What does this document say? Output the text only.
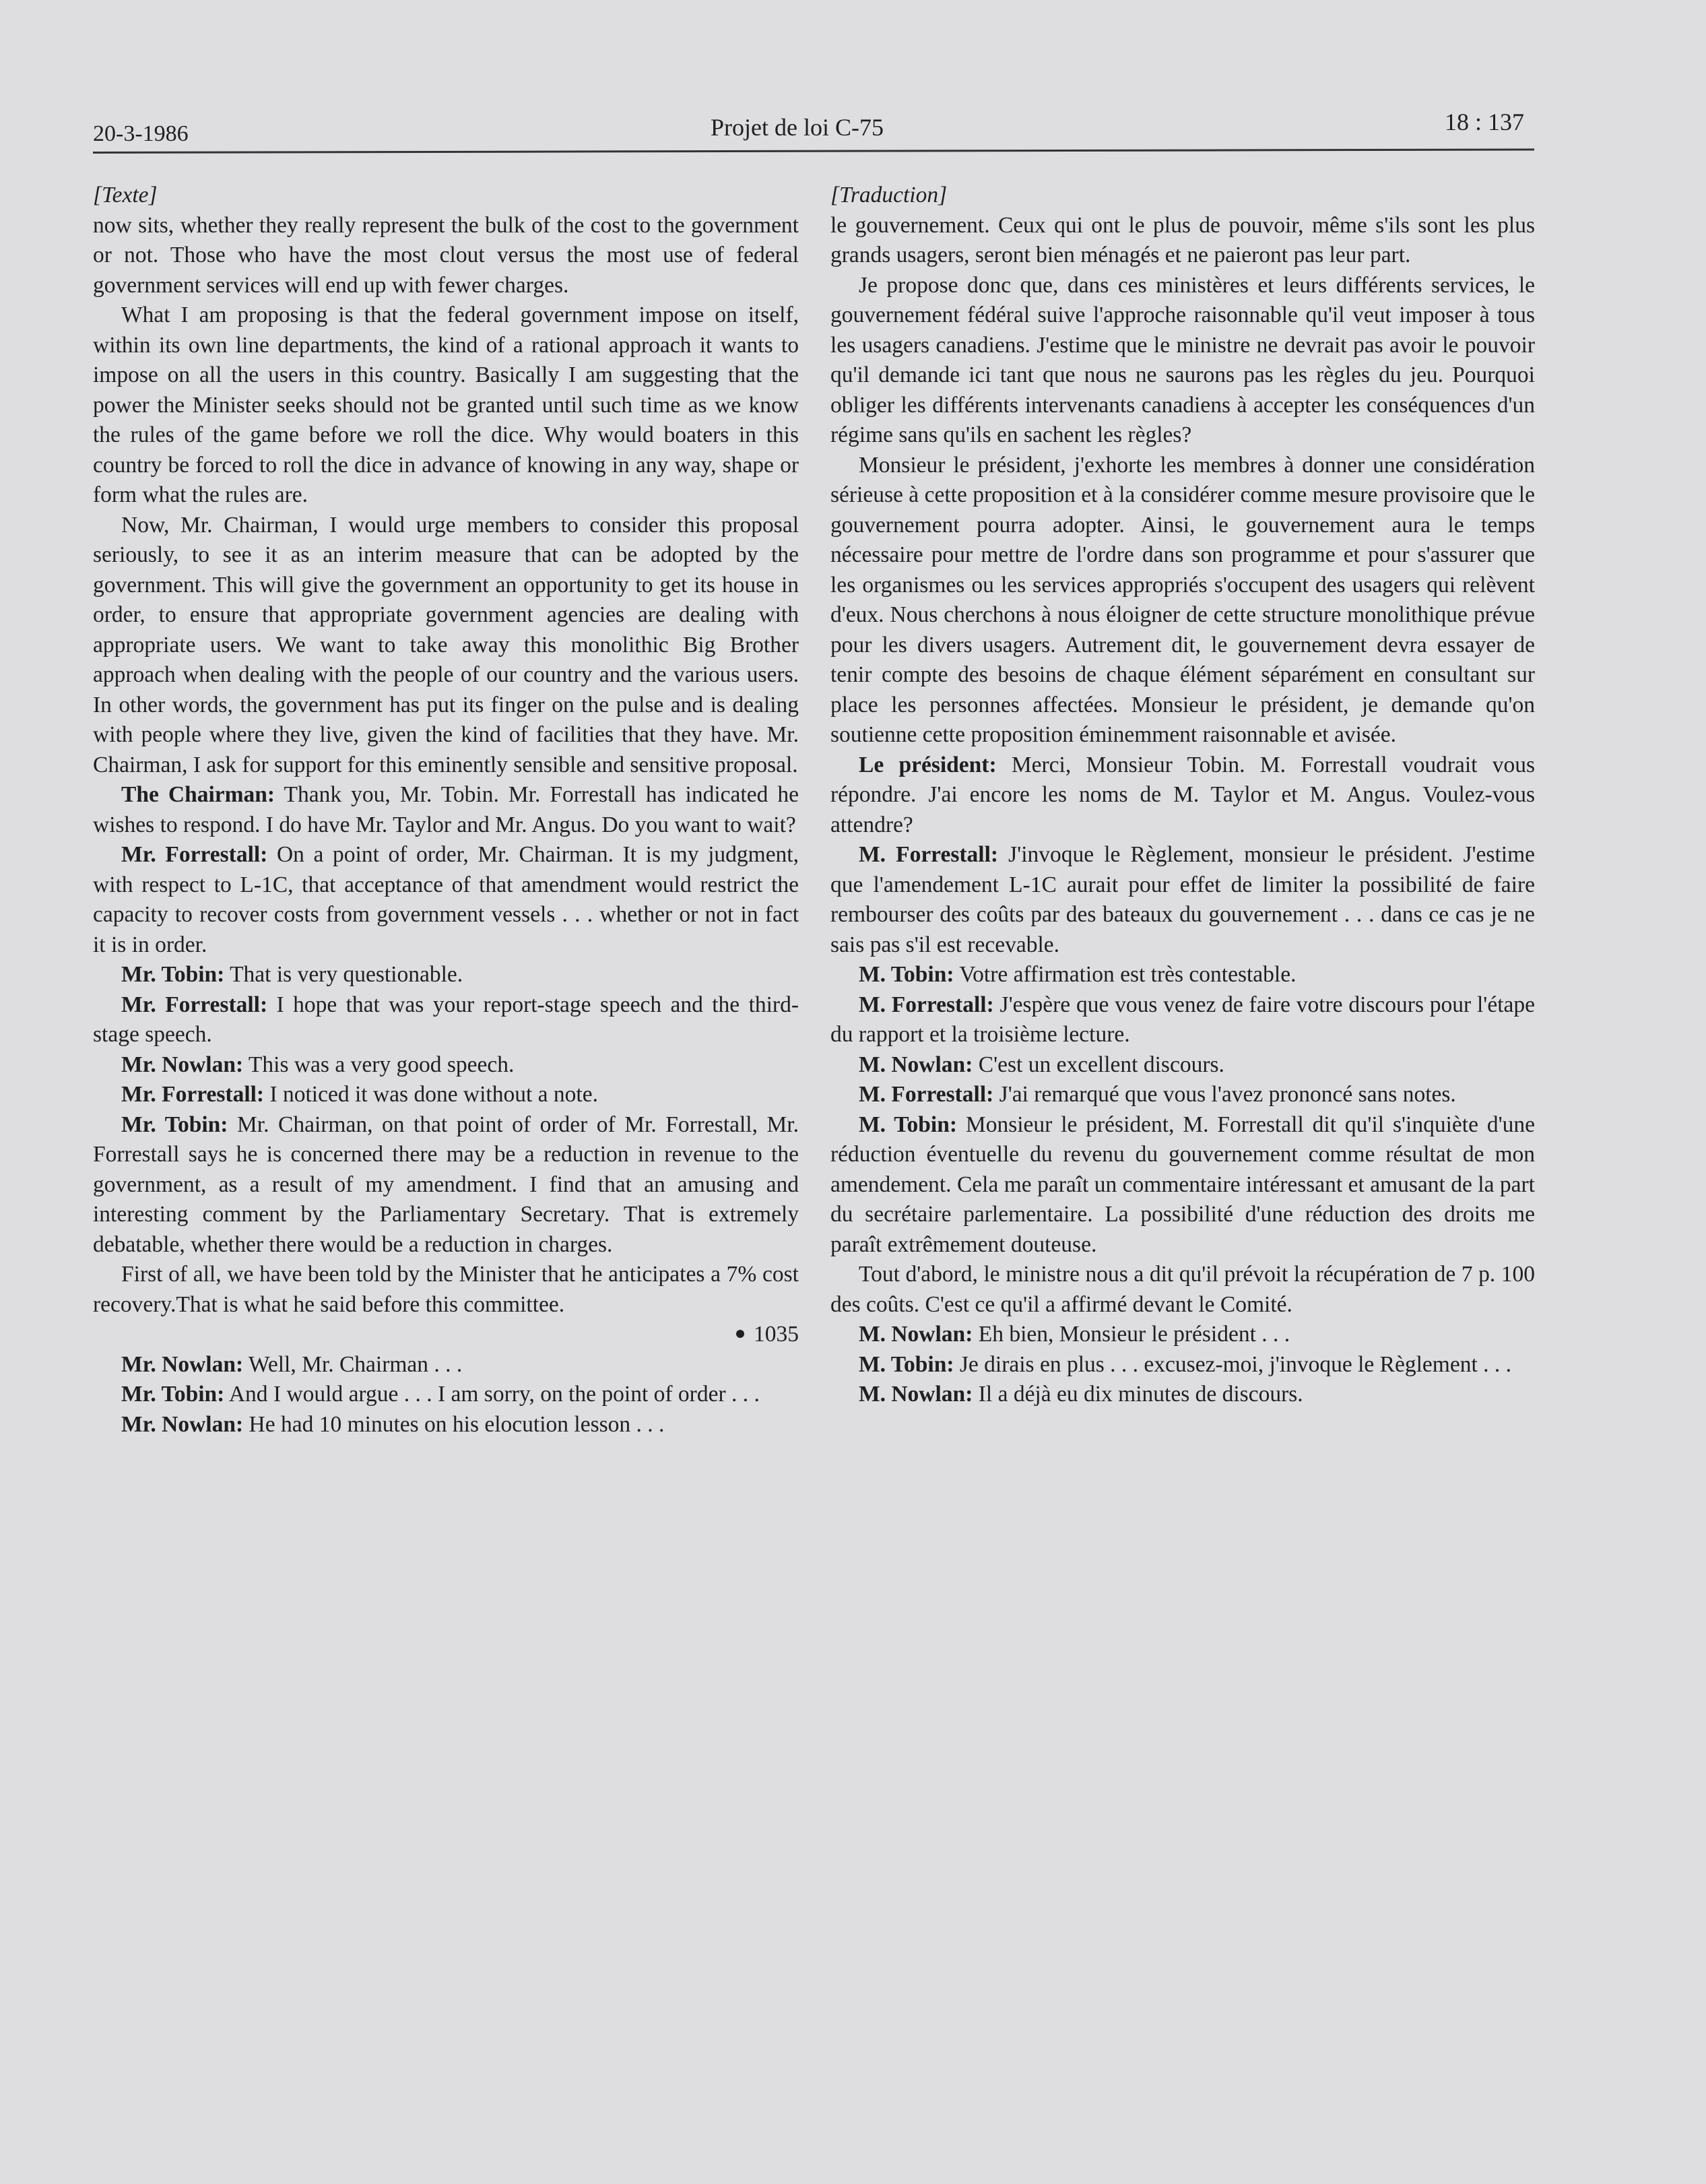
20-3-1986	Projet de loi C-75	18 : 137

[Texte]

now sits, whether they really represent the bulk of the cost to the government or not. Those who have the most clout versus the most use of federal government services will end up with fewer charges.

What I am proposing is that the federal government impose on itself, within its own line departments, the kind of a rational approach it wants to impose on all the users in this country. Basically I am suggesting that the power the Minister seeks should not be granted until such time as we know the rules of the game before we roll the dice. Why would boaters in this country be forced to roll the dice in advance of knowing in any way, shape or form what the rules are.

Now, Mr. Chairman, I would urge members to consider this proposal seriously, to see it as an interim measure that can be adopted by the government. This will give the government an opportunity to get its house in order, to ensure that appropriate government agencies are dealing with appropriate users. We want to take away this monolithic Big Brother approach when dealing with the people of our country and the various users. In other words, the government has put its finger on the pulse and is dealing with people where they live, given the kind of facilities that they have. Mr. Chairman, I ask for support for this eminently sensible and sensitive proposal.

The Chairman: Thank you, Mr. Tobin. Mr. Forrestall has indicated he wishes to respond. I do have Mr. Taylor and Mr. Angus. Do you want to wait?

Mr. Forrestall: On a point of order, Mr. Chairman. It is my judgment, with respect to L-1C, that acceptance of that amendment would restrict the capacity to recover costs from government vessels . . . whether or not in fact it is in order.

Mr. Tobin: That is very questionable.

Mr. Forrestall: I hope that was your report-stage speech and the third-stage speech.

Mr. Nowlan: This was a very good speech.

Mr. Forrestall: I noticed it was done without a note.

Mr. Tobin: Mr. Chairman, on that point of order of Mr. Forrestall, Mr. Forrestall says he is concerned there may be a reduction in revenue to the government, as a result of my amendment. I find that an amusing and interesting comment by the Parliamentary Secretary. That is extremely debatable, whether there would be a reduction in charges.

First of all, we have been told by the Minister that he anticipates a 7% cost recovery.That is what he said before this committee.

1035

Mr. Nowlan: Well, Mr. Chairman . . .

Mr. Tobin: And I would argue . . . I am sorry, on the point of order . . .

Mr. Nowlan: He had 10 minutes on his elocution lesson . . .

[Traduction]

le gouvernement. Ceux qui ont le plus de pouvoir, même s'ils sont les plus grands usagers, seront bien ménagés et ne paieront pas leur part.

Je propose donc que, dans ces ministères et leurs différents services, le gouvernement fédéral suive l'approche raisonnable qu'il veut imposer à tous les usagers canadiens. J'estime que le ministre ne devrait pas avoir le pouvoir qu'il demande ici tant que nous ne saurons pas les règles du jeu. Pourquoi obliger les différents intervenants canadiens à accepter les conséquences d'un régime sans qu'ils en sachent les règles?

Monsieur le président, j'exhorte les membres à donner une considération sérieuse à cette proposition et à la considérer comme mesure provisoire que le gouvernement pourra adopter. Ainsi, le gouvernement aura le temps nécessaire pour mettre de l'ordre dans son programme et pour s'assurer que les organismes ou les services appropriés s'occupent des usagers qui relèvent d'eux. Nous cherchons à nous éloigner de cette structure monolithique prévue pour les divers usagers. Autrement dit, le gouvernement devra essayer de tenir compte des besoins de chaque élément séparément en consultant sur place les personnes affectées. Monsieur le président, je demande qu'on soutienne cette proposition éminemment raisonnable et avisée.

Le président: Merci, Monsieur Tobin. M. Forrestall voudrait vous répondre. J'ai encore les noms de M. Taylor et M. Angus. Voulez-vous attendre?

M. Forrestall: J'invoque le Règlement, monsieur le président. J'estime que l'amendement L-1C aurait pour effet de limiter la possibilité de faire rembourser des coûts par des bateaux du gouvernement . . . dans ce cas je ne sais pas s'il est recevable.

M. Tobin: Votre affirmation est très contestable.

M. Forrestall: J'espère que vous venez de faire votre discours pour l'étape du rapport et la troisième lecture.

M. Nowlan: C'est un excellent discours.

M. Forrestall: J'ai remarqué que vous l'avez prononcé sans notes.

M. Tobin: Monsieur le président, M. Forrestall dit qu'il s'inquiète d'une réduction éventuelle du revenu du gouvernement comme résultat de mon amendement. Cela me paraît un commentaire intéressant et amusant de la part du secrétaire parlementaire. La possibilité d'une réduction des droits me paraît extrêmement douteuse.

Tout d'abord, le ministre nous a dit qu'il prévoit la récupération de 7 p. 100 des coûts. C'est ce qu'il a affirmé devant le Comité.

M. Nowlan: Eh bien, Monsieur le président . . .

M. Tobin: Je dirais en plus . . . excusez-moi, j'invoque le Règlement . . .

M. Nowlan: Il a déjà eu dix minutes de discours.
